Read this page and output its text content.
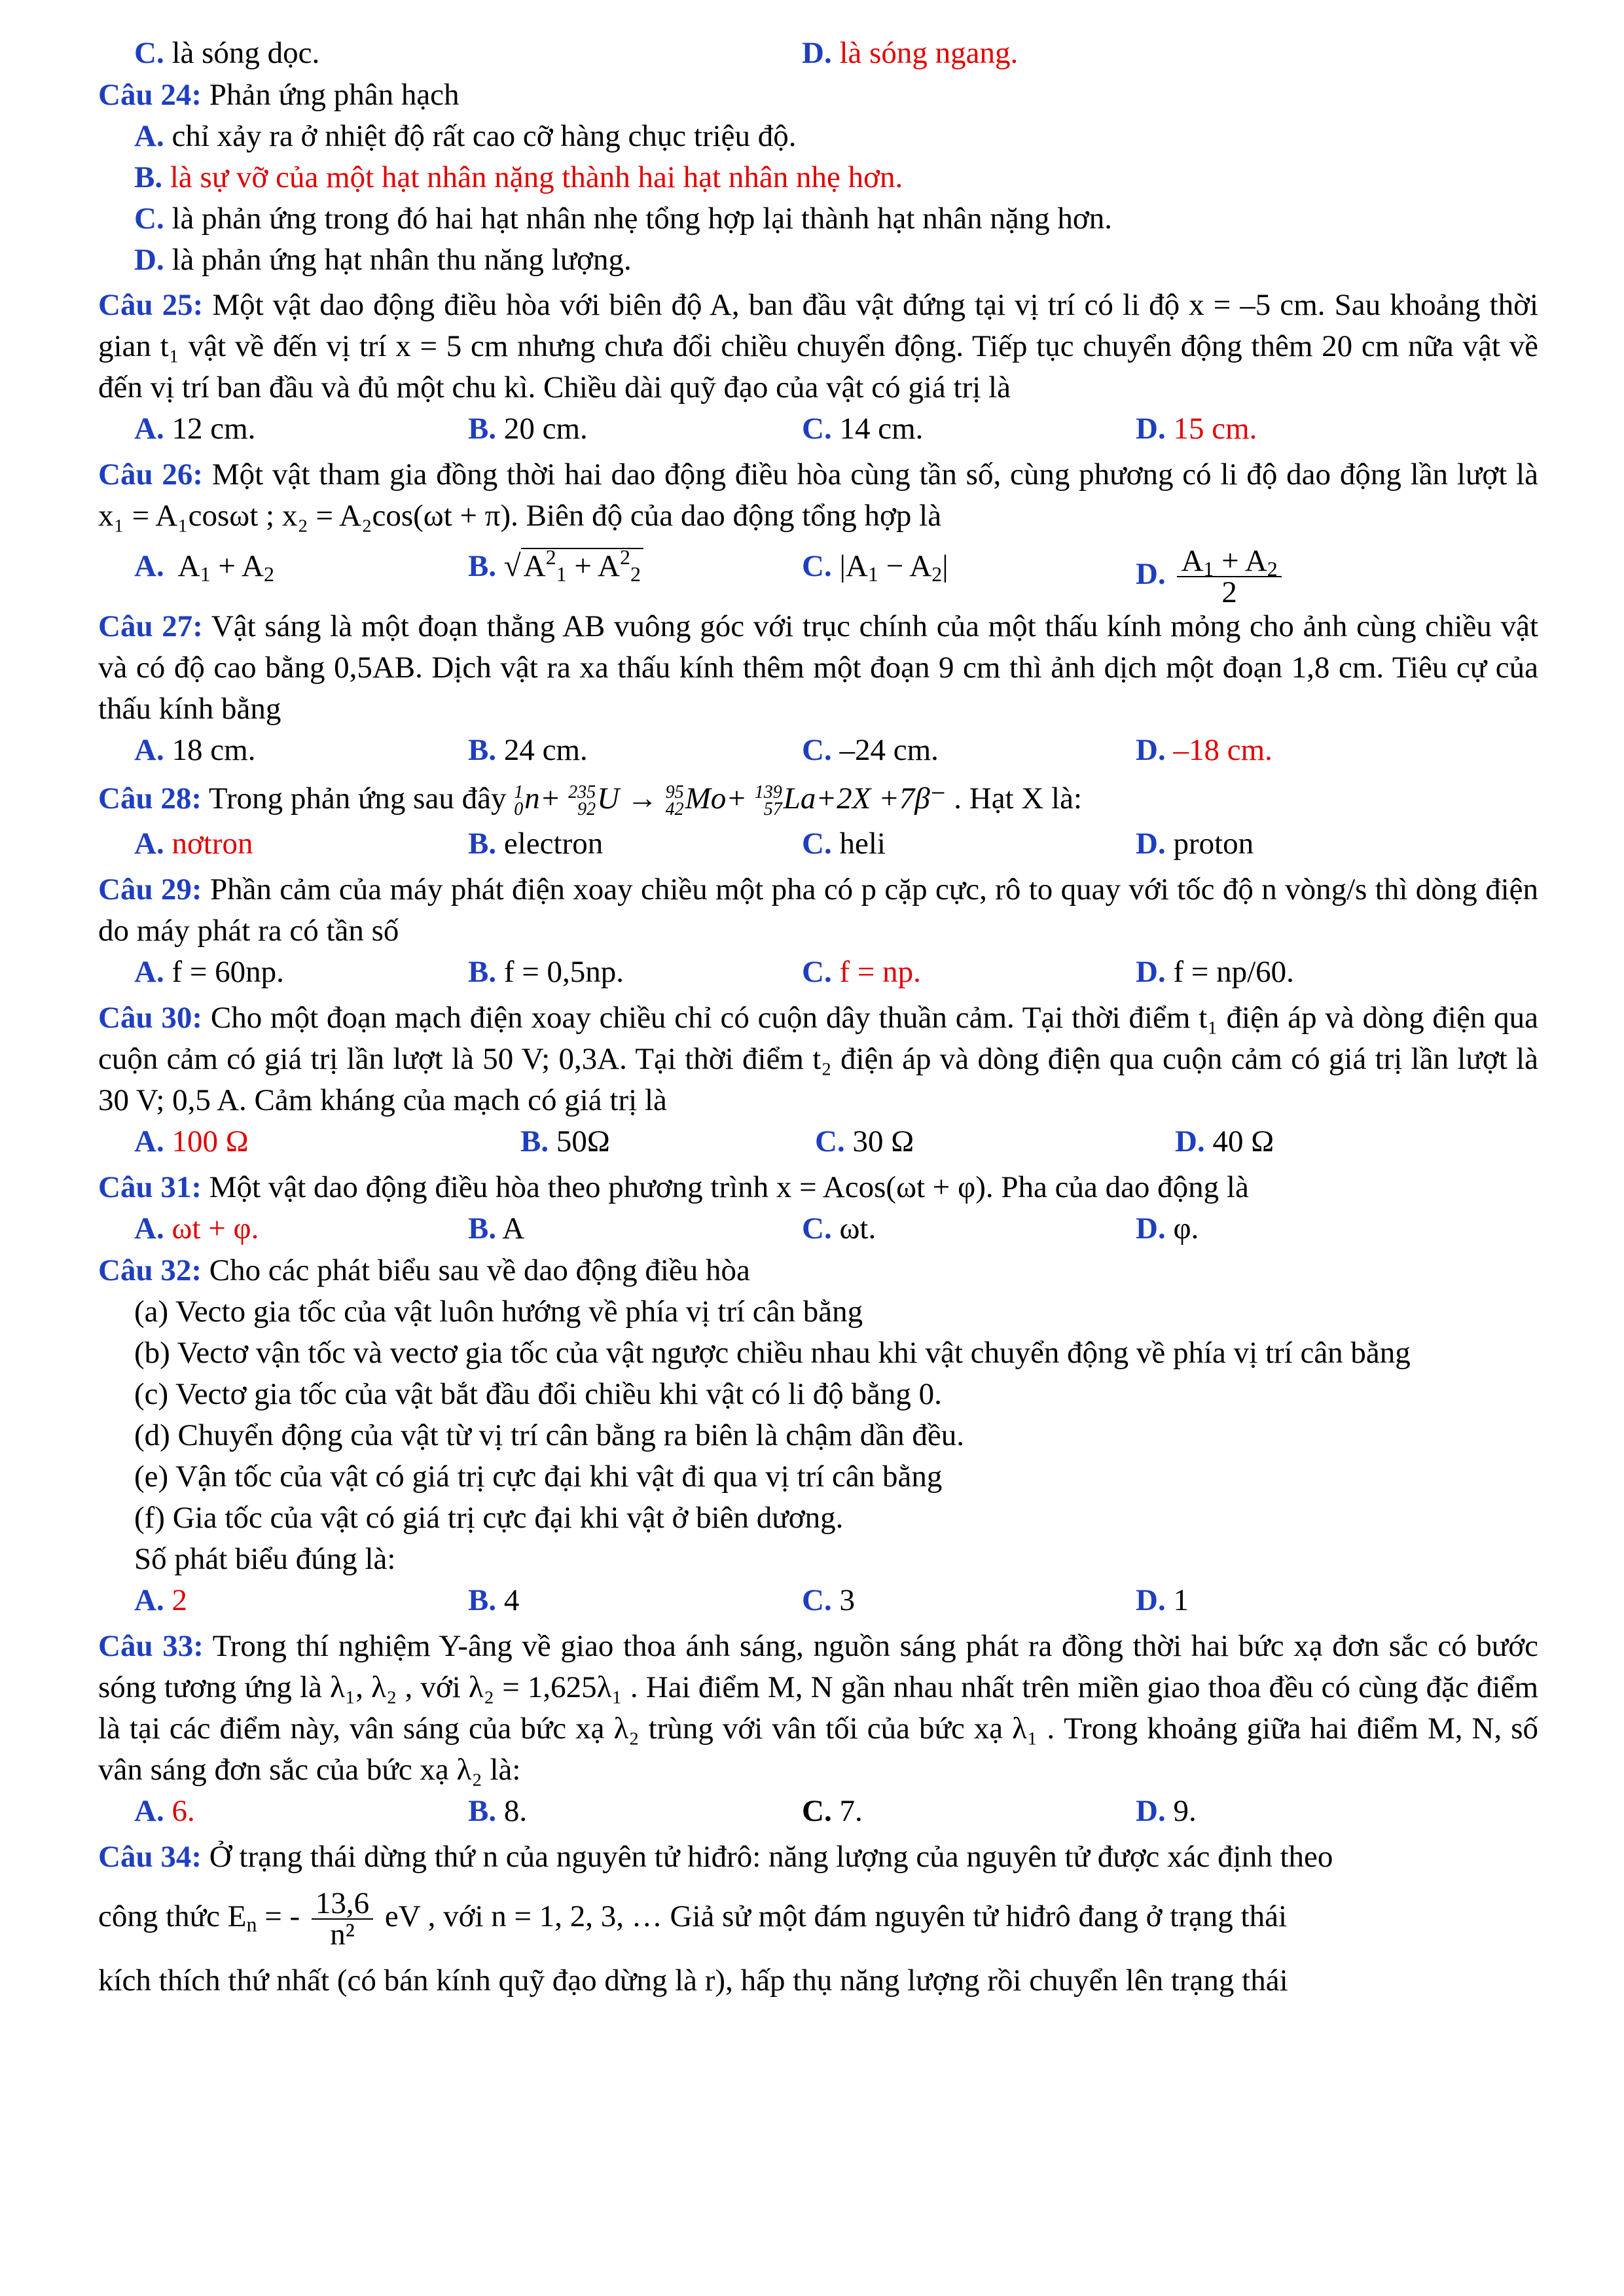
C. là sóng dọc.	D. là sóng ngang.
Câu 24: Phản ứng phân hạch
A. chỉ xảy ra ở nhiệt độ rất cao cỡ hàng chục triệu độ.
B. là sự vỡ của một hạt nhân nặng thành hai hạt nhân nhẹ hơn.
C. là phản ứng trong đó hai hạt nhân nhẹ tổng hợp lại thành hạt nhân nặng hơn.
D. là phản ứng hạt nhân thu năng lượng.
Câu 25: Một vật dao động điều hòa với biên độ A, ban đầu vật đứng tại vị trí có li độ x = –5 cm. Sau khoảng thời gian t₁ vật về đến vị trí x = 5 cm nhưng chưa đổi chiều chuyển động. Tiếp tục chuyển động thêm 20 cm nữa vật về đến vị trí ban đầu và đủ một chu kì. Chiều dài quỹ đạo của vật có giá trị là
A. 12 cm.	B. 20 cm.	C. 14 cm.	D. 15 cm.
Câu 26: Một vật tham gia đồng thời hai dao động điều hòa cùng tần số, cùng phương có li độ dao động lần lượt là x₁ = A₁cosωt ; x₂ = A₂cos(ωt + π). Biên độ của dao động tổng hợp là
A. $A_1 + A_2$	B. $√A^2_1 + A^2_2$	C. $|A_1 - A_2|$	D. $\frac{A_1 + A_2}{2}$
Câu 27: Vật sáng là một đoạn thẳng AB vuông góc với trục chính của một thấu kính mỏng cho ảnh cùng chiều vật và có độ cao bằng 0,5AB. Dịch vật ra xa thấu kính thêm một đoạn 9 cm thì ảnh dịch một đoạn 1,8 cm. Tiêu cự của thấu kính bằng
A. 18 cm.	B. 24 cm.	C. –24 cm.	D. –18 cm.
Câu 28: Trong phản ứng sau đây 1
0 n+ 235
92 U → 95
42 Mo+ 139
57 La+2X +7β⁻ . Hạt X là:
A. nơtron	B. electron	C. heli	D. proton
Câu 29: Phần cảm của máy phát điện xoay chiều một pha có p cặp cực, rô to quay với tốc độ n vòng/s thì dòng điện do máy phát ra có tần số
A. f = 60np.	B. f = 0,5np.	C. f = np.	D. f = np/60.
Câu 30: Cho một đoạn mạch điện xoay chiều chỉ có cuộn dây thuần cảm. Tại thời điểm t₁ điện áp và dòng điện qua cuộn cảm có giá trị lần lượt là 50 V; 0,3A. Tại thời điểm t₂ điện áp và dòng điện qua cuộn cảm có giá trị lần lượt là 30 V; 0,5 A. Cảm kháng của mạch có giá trị là
A. 100 Ω	B. 50Ω	C. 30 Ω	D. 40 Ω
Câu 31: Một vật dao động điều hòa theo phương trình x = Acos(ωt + φ). Pha của dao động là
A. ωt + φ.	B. A	C. ωt.	D. φ.
Câu 32: Cho các phát biểu sau về dao động điều hòa
(a) Vecto gia tốc của vật luôn hướng về phía vị trí cân bằng
(b) Vectơ vận tốc và vectơ gia tốc của vật ngược chiều nhau khi vật chuyển động về phía vị trí cân bằng
(c) Vectơ gia tốc của vật bắt đầu đổi chiều khi vật có li độ bằng 0.
(d) Chuyển động của vật từ vị trí cân bằng ra biên là chậm dần đều.
(e) Vận tốc của vật có giá trị cực đại khi vật đi qua vị trí cân bằng
(f) Gia tốc của vật có giá trị cực đại khi vật ở biên dương.
Số phát biểu đúng là:
A. 2	B. 4	C. 3	D. 1
Câu 33: Trong thí nghiệm Y-âng về giao thoa ánh sáng, nguồn sáng phát ra đồng thời hai bức xạ đơn sắc có bước sóng tương ứng là λ₁, λ₂ , với λ₂ = 1,625λ₁ . Hai điểm M, N gần nhau nhất trên miền giao thoa đều có cùng đặc điểm là tại các điểm này, vân sáng của bức xạ λ₂ trùng với vân tối của bức xạ λ₁ . Trong khoảng giữa hai điểm M, N, số vân sáng đơn sắc của bức xạ λ₂ là:
A. 6.	B. 8.	C. 7.	D. 9.
Câu 34: Ở trạng thái dừng thứ n của nguyên tử hiđrô: năng lượng của nguyên tử được xác định theo
công thức $E_n$ = - $\frac{13,6}{\text{n²}}$ eV , với n = 1, 2, 3, … Giả sử một đám nguyên tử hiđrô đang ở trạng thái
kích thích thứ nhất (có bán kính quỹ đạo dừng là r), hấp thụ năng lượng rồi chuyển lên trạng thái
